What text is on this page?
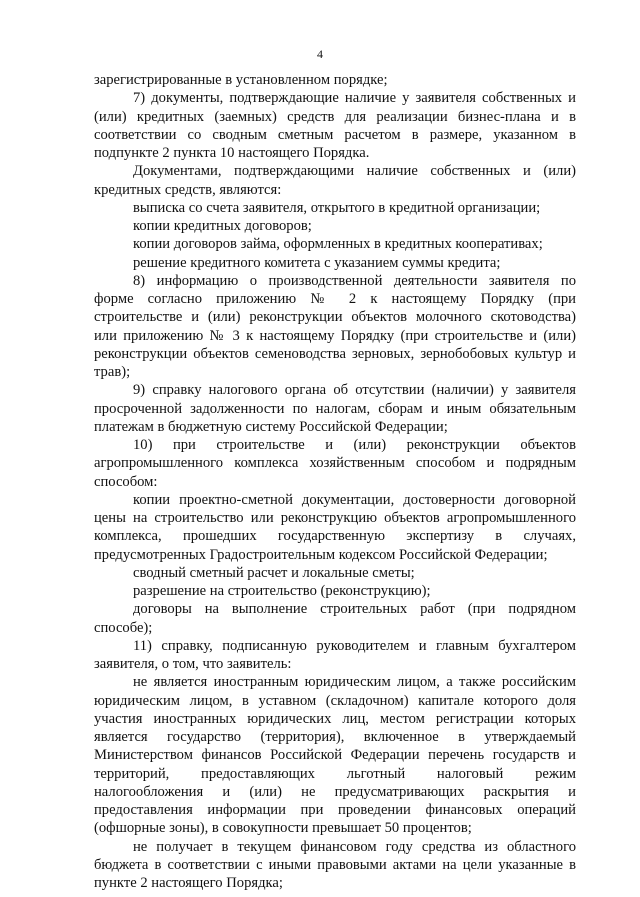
4
зарегистрированные в установленном порядке;
7) документы, подтверждающие наличие у заявителя собственных и
(или) кредитных (заемных) средств для реализации бизнес-плана и в
соответствии со сводным сметным расчетом в размере, указанном в
подпункте 2 пункта 10 настоящего Порядка.
Документами, подтверждающими наличие собственных и (или)
кредитных средств, являются:
выписка со счета заявителя, открытого в кредитной организации;
копии кредитных договоров;
копии договоров займа, оформленных в кредитных кооперативах;
решение кредитного комитета с указанием суммы кредита;
8) информацию о производственной деятельности заявителя по
форме согласно приложению № 2 к настоящему Порядку (при
строительстве и (или) реконструкции объектов молочного скотоводства)
или приложению № 3 к настоящему Порядку (при строительстве и (или)
реконструкции объектов семеноводства зерновых, зернобобовых культур и
трав);
9) справку налогового органа об отсутствии (наличии) у заявителя
просроченной задолженности по налогам, сборам и иным обязательным
платежам в бюджетную систему Российской Федерации;
10) при строительстве и (или) реконструкции объектов
агропромышленного комплекса хозяйственным способом и подрядным
способом:
копии проектно-сметной документации, достоверности договорной
цены на строительство или реконструкцию объектов агропромышленного
комплекса, прошедших государственную экспертизу в случаях,
предусмотренных Градостроительным кодексом Российской Федерации;
сводный сметный расчет и локальные сметы;
разрешение на строительство (реконструкцию);
договоры на выполнение строительных работ (при подрядном
способе);
11) справку, подписанную руководителем и главным бухгалтером
заявителя, о том, что заявитель:
не является иностранным юридическим лицом, а также российским
юридическим лицом, в уставном (складочном) капитале которого доля
участия иностранных юридических лиц, местом регистрации которых
является государство (территория), включенное в утверждаемый
Министерством финансов Российской Федерации перечень государств и
территорий, предоставляющих льготный налоговый режим
налогообложения и (или) не предусматривающих раскрытия и
предоставления информации при проведении финансовых операций
(офшорные зоны), в совокупности превышает 50 процентов;
не получает в текущем финансовом году средства из областного
бюджета в соответствии с иными правовыми актами на цели указанные в
пункте 2 настоящего Порядка;
